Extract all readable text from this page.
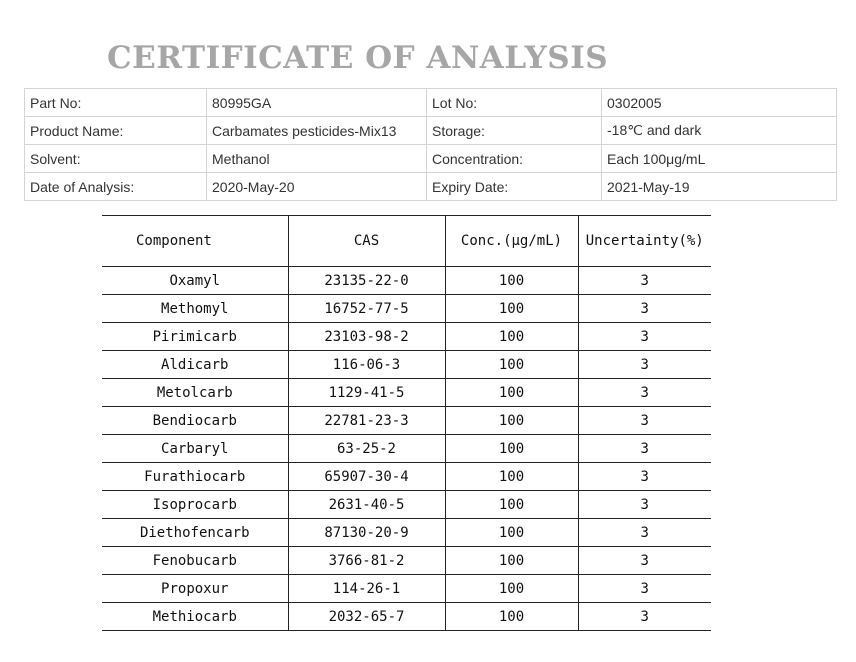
CERTIFICATE OF ANALYSIS
Part No:	80995GA	Lot No:	0302005
Product Name:	Carbamates pesticides-Mix13	Storage:	-18℃ and dark
Solvent:	Methanol	Concentration:	Each 100μg/mL
Date of Analysis:	2020-May-20	Expiry Date:	2021-May-19
Component	CAS	Conc.(μg/mL)	Uncertainty(%)
Oxamyl	23135-22-0	100	3
Methomyl	16752-77-5	100	3
Pirimicarb	23103-98-2	100	3
Aldicarb	116-06-3	100	3
Metolcarb	1129-41-5	100	3
Bendiocarb	22781-23-3	100	3
Carbaryl	63-25-2	100	3
Furathiocarb	65907-30-4	100	3
Isoprocarb	2631-40-5	100	3
Diethofencarb	87130-20-9	100	3
Fenobucarb	3766-81-2	100	3
Propoxur	114-26-1	100	3
Methiocarb	2032-65-7	100	3
